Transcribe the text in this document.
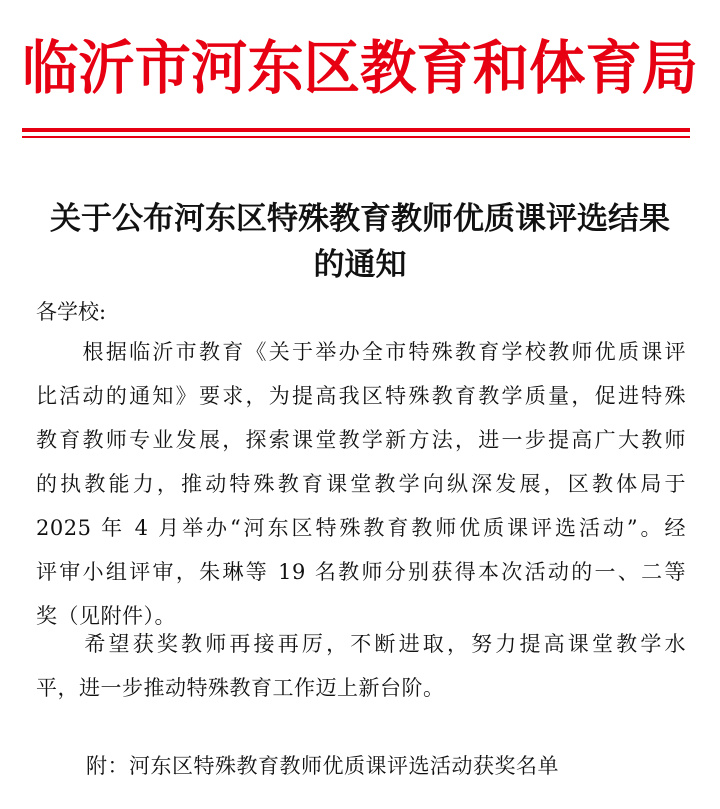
临沂市河东区教育和体育局
关于公布河东区特殊教育教师优质课评选结果
的通知
各学校:
　　根据临沂市教育《关于举办全市特殊教育学校教师优质课评
比活动的通知》要求，为提高我区特殊教育教学质量，促进特殊
教育教师专业发展，探索课堂教学新方法，进一步提高广大教师
的执教能力，推动特殊教育课堂教学向纵深发展，区教体局于
2025 年 4 月举办“河东区特殊教育教师优质课评选活动”。经
评审小组评审，朱琳等 19 名教师分别获得本次活动的一、二等
奖（见附件）。
　　希望获奖教师再接再厉，不断进取，努力提高课堂教学水
平，进一步推动特殊教育工作迈上新台阶。
附：河东区特殊教育教师优质课评选活动获奖名单
